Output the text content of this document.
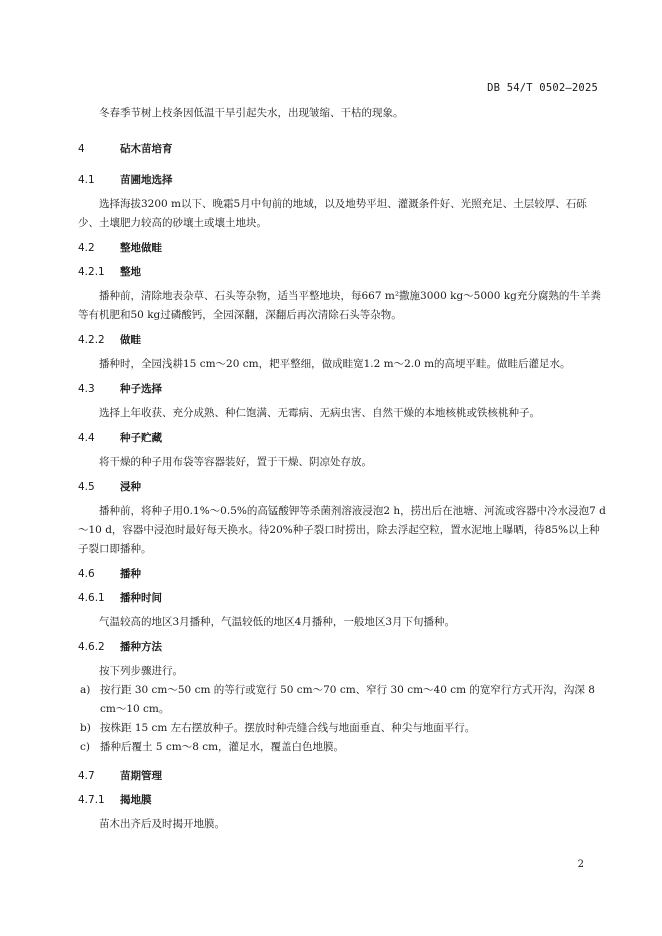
DB 54/T 0502—2025

冬春季节树上枝条因低温干旱引起失水，出现皱缩、干枯的现象。

4	砧木苗培育

4.1 苗圃地选择

选择海拔3200 m以下、晚霜5月中旬前的地域，以及地势平坦、灌溉条件好、光照充足、土层较厚、石砾少、土壤肥力较高的砂壤土或壤土地块。

4.2 整地做畦

4.2.1 整地

播种前，清除地表杂草、石头等杂物，适当平整地块，每667 m²撒施3000 kg～5000 kg充分腐熟的牛羊粪等有机肥和50 kg过磷酸钙，全园深翻，深翻后再次清除石头等杂物。

4.2.2 做畦

播种时，全园浅耕15 cm～20 cm，耙平整细，做成畦宽1.2 m～2.0 m的高埂平畦。做畦后灌足水。

4.3 种子选择

选择上年收获、充分成熟、种仁饱满、无霉病、无病虫害、自然干燥的本地核桃或铁核桃种子。

4.4 种子贮藏

将干燥的种子用布袋等容器装好，置于干燥、阴凉处存放。

4.5 浸种

播种前，将种子用0.1%～0.5%的高锰酸钾等杀菌剂溶液浸泡2 h，捞出后在池塘、河流或容器中冷水浸泡7 d～10 d，容器中浸泡时最好每天换水。待20%种子裂口时捞出，除去浮起空粒，置水泥地上曝晒，待85%以上种子裂口即播种。

4.6 播种

4.6.1 播种时间

气温较高的地区3月播种，气温较低的地区4月播种，一般地区3月下旬播种。

4.6.2 播种方法

按下列步骤进行。

a) 按行距 30 cm～50 cm 的等行或宽行 50 cm～70 cm、窄行 30 cm～40 cm 的宽窄行方式开沟，沟深 8 cm～10 cm。
b) 按株距 15 cm 左右摆放种子。摆放时种壳缝合线与地面垂直、种尖与地面平行。
c) 播种后覆土 5 cm～8 cm，灌足水，覆盖白色地膜。

4.7 苗期管理

4.7.1 揭地膜

苗木出齐后及时揭开地膜。

2
